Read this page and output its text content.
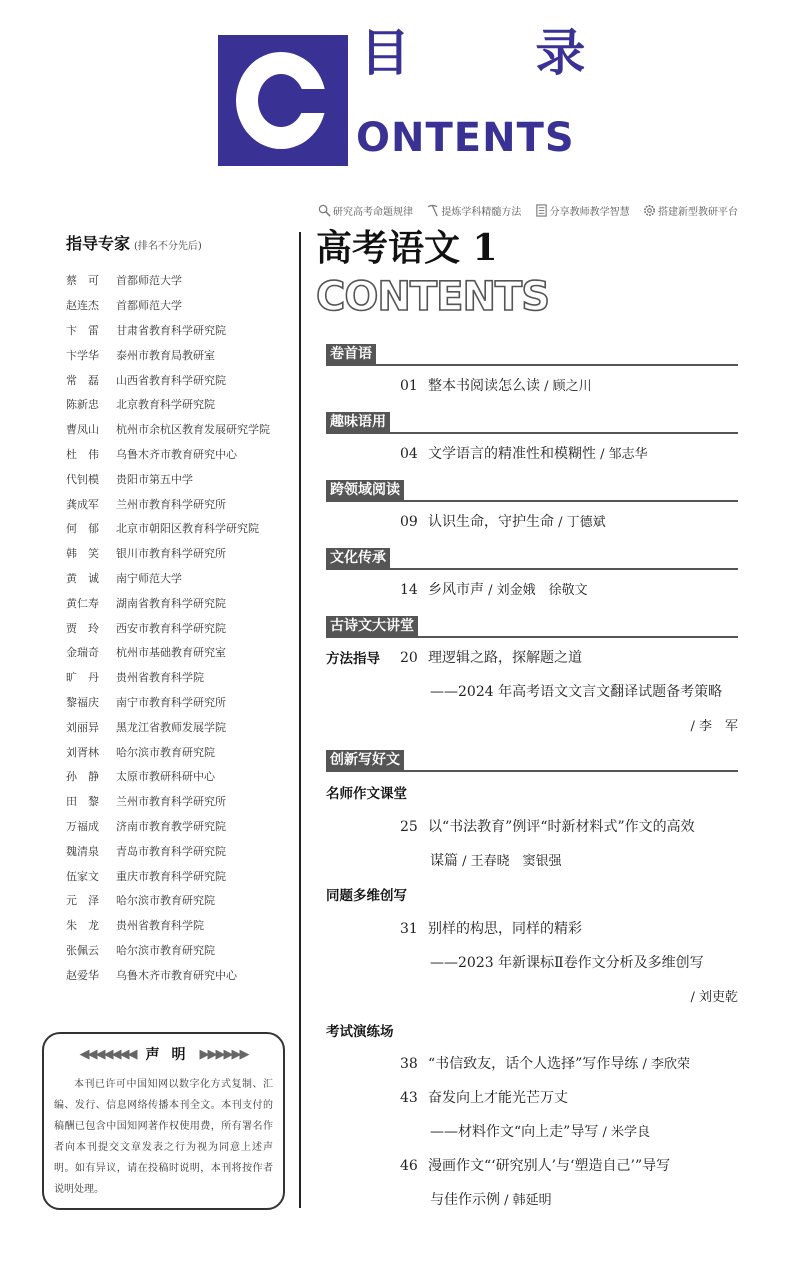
目 录
ONTENTS
研究高考命题规律	提炼学科精髓方法	分享教师教学智慧	搭建新型教研平台
指导专家 (排名不分先后)
蔡　可	首都师范大学
赵连杰	首都师范大学
卞　雷	甘肃省教育科学研究院
卞学华	泰州市教育局教研室
常　磊	山西省教育科学研究院
陈新忠	北京教育科学研究院
曹凤山	杭州市余杭区教育发展研究学院
杜　伟	乌鲁木齐市教育研究中心
代钊模	贵阳市第五中学
龚成军	兰州市教育科学研究所
何　郁	北京市朝阳区教育科学研究院
韩　笑	银川市教育科学研究所
黄　诚	南宁师范大学
黄仁寿	湖南省教育科学研究院
贾　玲	西安市教育科学研究院
金瑞奇	杭州市基础教育研究室
旷　丹	贵州省教育科学院
黎福庆	南宁市教育科学研究所
刘丽异	黑龙江省教师发展学院
刘胥林	哈尔滨市教育研究院
孙　静	太原市教研科研中心
田　黎	兰州市教育科学研究所
万福成	济南市教育教学研究院
魏清泉	青岛市教育科学研究院
伍家文	重庆市教育科学研究院
元　泽	哈尔滨市教育研究院
朱　龙	贵州省教育科学院
张佩云	哈尔滨市教育研究院
赵爱华	乌鲁木齐市教育研究中心
◀◀◀◀◀◀◀ 声明 ▶▶▶▶▶▶
本刊已许可中国知网以数字化方式复制、汇编、发行、信息网络传播本刊全文。本刊支付的稿酬已包含中国知网著作权使用费，所有署名作者向本刊提交文章发表之行为视为同意上述声明。如有异议，请在投稿时说明，本刊将按作者说明处理。
高考语文 1
CONTENTS
卷首语
01 整本书阅读怎么读 / 顾之川
趣味语用
04 文学语言的精准性和模糊性 / 邹志华
跨领域阅读
09 认识生命，守护生命 / 丁德斌
文化传承
14 乡风市声 / 刘金娥　徐敬文
古诗文大讲堂
方法指导 20 理逻辑之路，探解题之道
——2024 年高考语文文言文翻译试题备考策略
/ 李　军
创新写好文
名师作文课堂
25 以“书法教育”例评“时新材料式”作文的高效
谋篇 / 王春晓　窦银强
同题多维创写
31 别样的构思，同样的精彩
——2023 年新课标Ⅱ卷作文分析及多维创写
/ 刘吏乾
考试演练场
38 “书信致友，话个人选择”写作导练 / 李欣荣
43 奋发向上才能光芒万丈
——材料作文“向上走”导写 / 米学良
46 漫画作文“‘研究别人’与‘塑造自己’”导写
与佳作示例 / 韩延明
